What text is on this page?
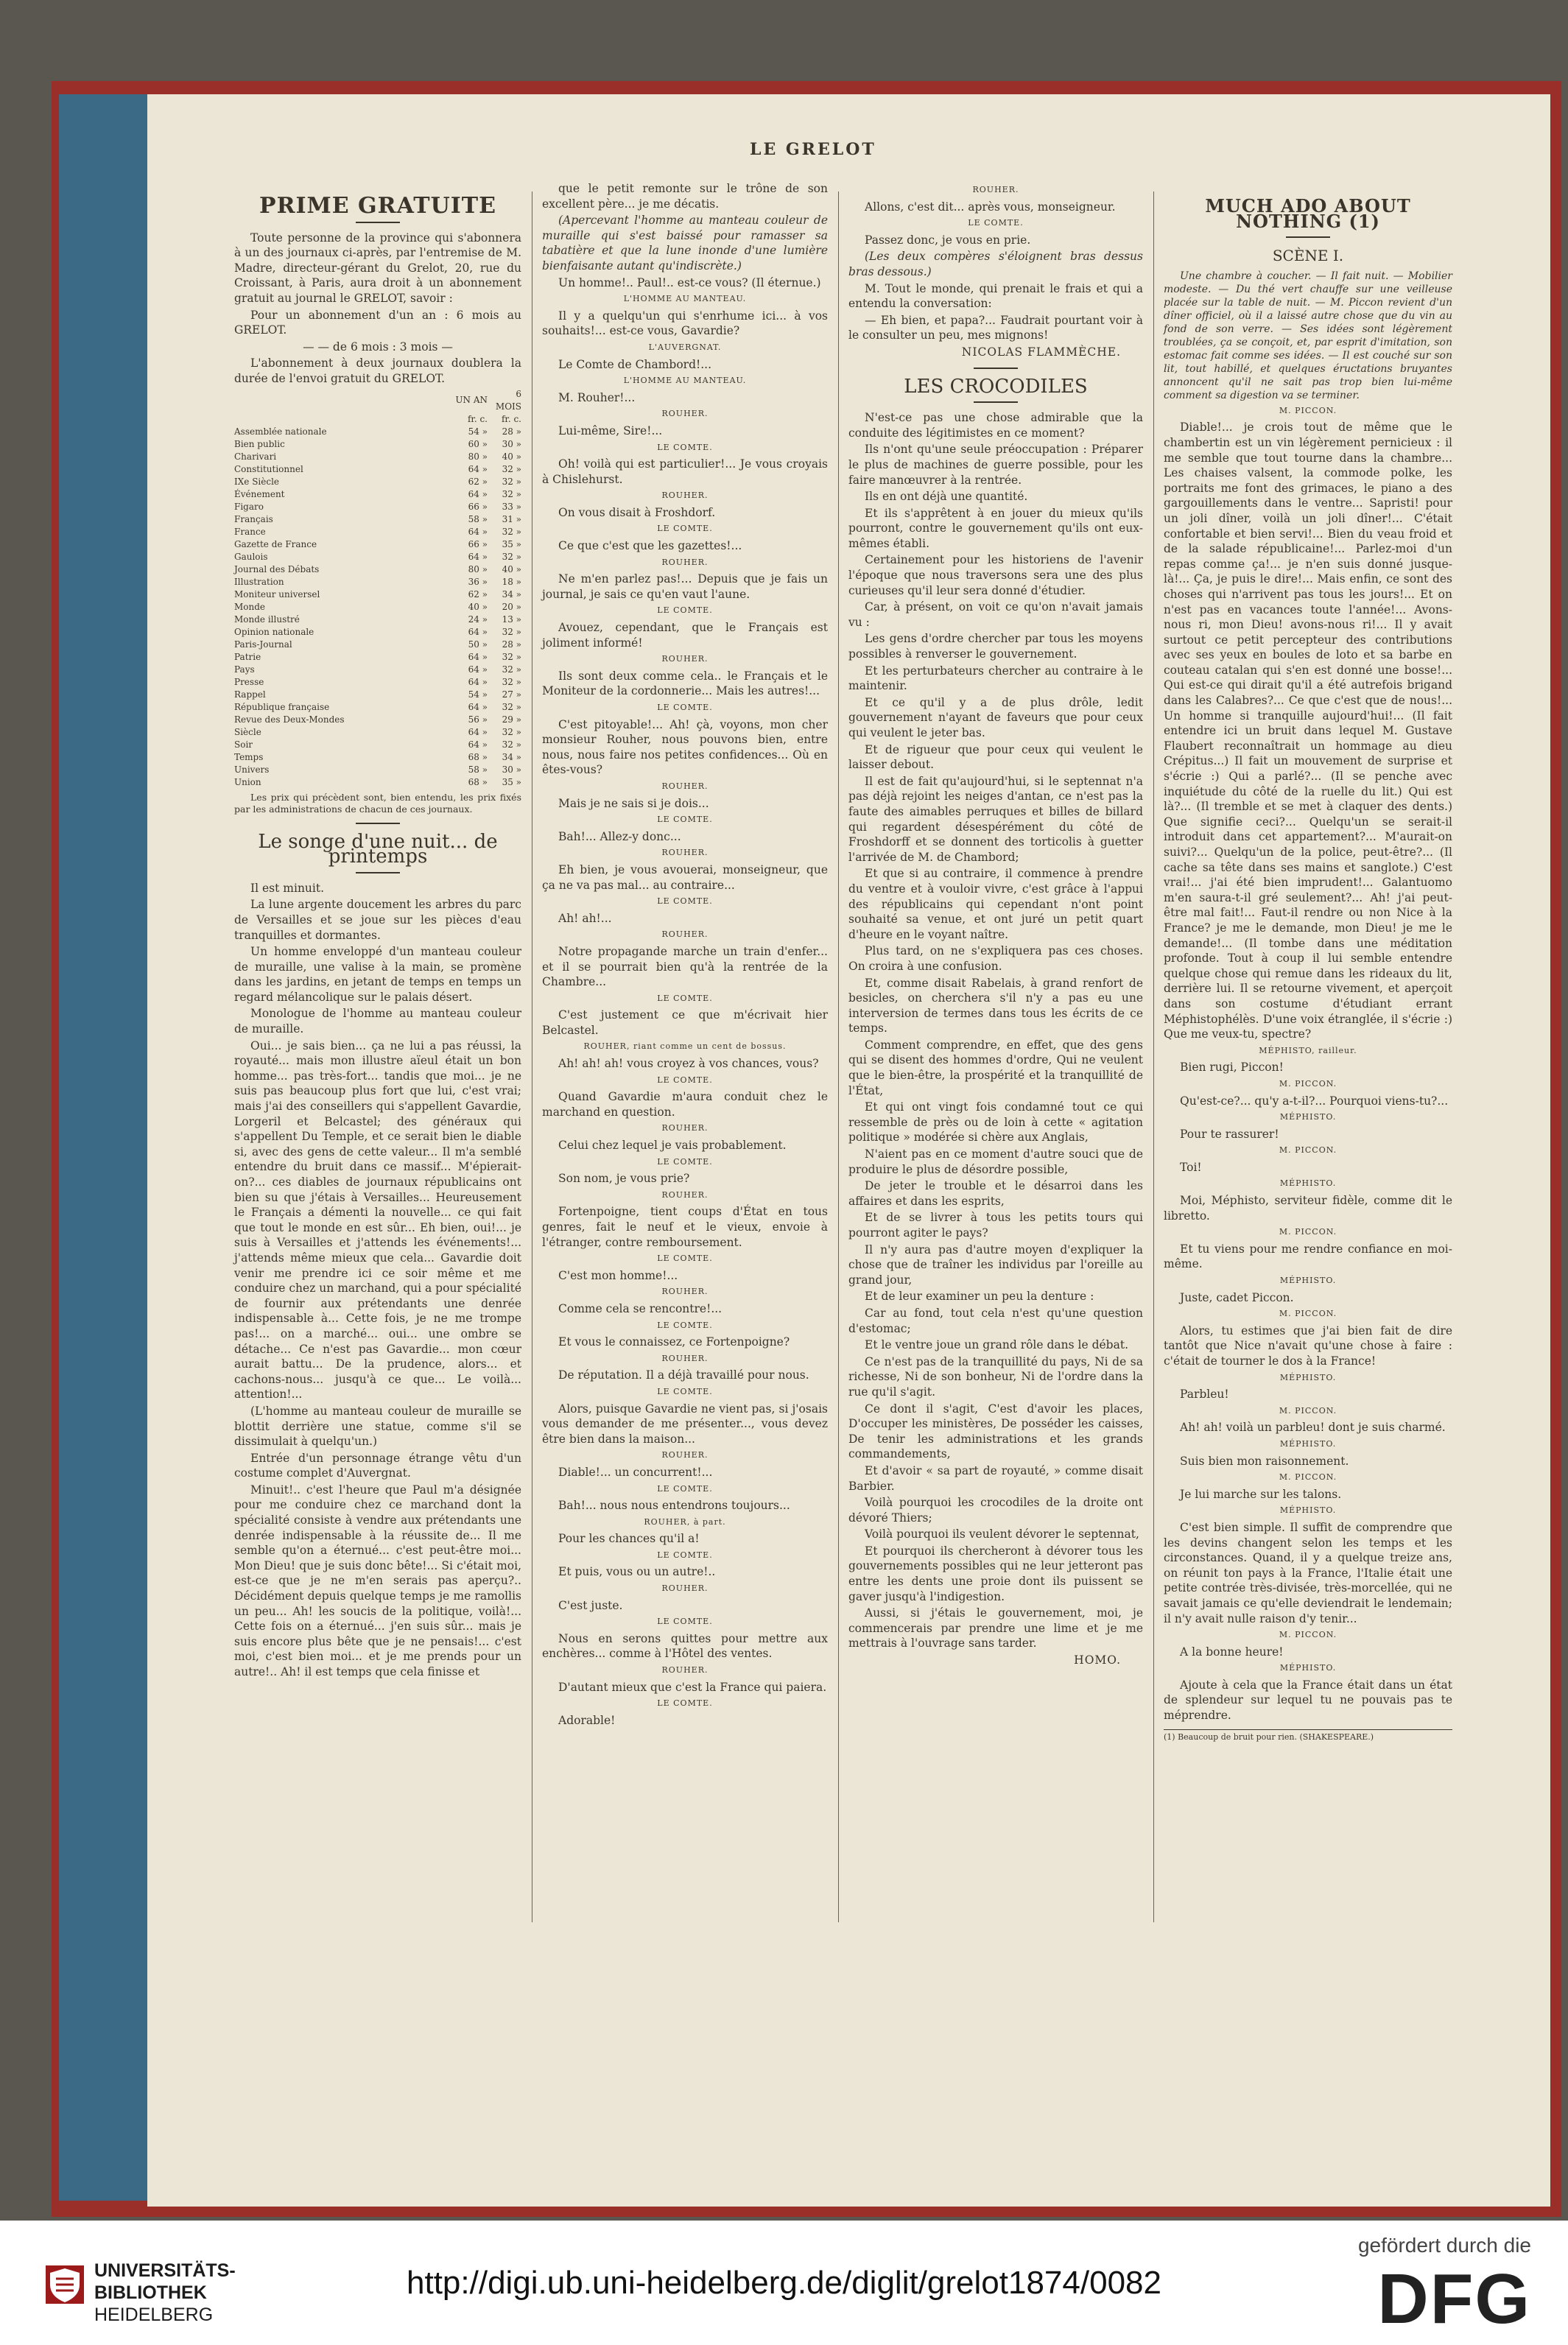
LE GRELOT
PRIME GRATUITE

Toute personne de la province qui s'abonnera à un des journaux ci-après, par l'entremise de M. Madre, directeur-gérant du Grelot, 20, rue du Croissant, à Paris, aura droit à un abonnement gratuit au journal le GRELOT, savoir :

Pour un abonnement d'un an : 6 mois au GRELOT.

— — de 6 mois : 3 mois —

L'abonnement à deux journaux doublera la durée de l'envoi gratuit du GRELOT.

	UN AN	6 MOIS
	fr. c.	fr. c.
Assemblée nationale	54 »	28 »
Bien public	60 »	30 »
Charivari	80 »	40 »
Constitutionnel	64 »	32 »
IXe Siècle	62 »	32 »
Événement	64 »	32 »
Figaro	66 »	33 »
Français	58 »	31 »
France	64 »	32 »
Gazette de France	66 »	35 »
Gaulois	64 »	32 »
Journal des Débats	80 »	40 »
Illustration	36 »	18 »
Moniteur universel	62 »	34 »
Monde	40 »	20 »
Monde illustré	24 »	13 »
Opinion nationale	64 »	32 »
Paris-Journal	50 »	28 »
Patrie	64 »	32 »
Pays	64 »	32 »
Presse	64 »	32 »
Rappel	54 »	27 »
République française	64 »	32 »
Revue des Deux-Mondes	56 »	29 »
Siècle	64 »	32 »
Soir	64 »	32 »
Temps	68 »	34 »
Univers	58 »	30 »
Union	68 »	35 »

Les prix qui précèdent sont, bien entendu, les prix fixés par les administrations de chacun de ces journaux.

Le songe d'une nuit... de printemps

Il est minuit.

La lune argente doucement les arbres du parc de Versailles et se joue sur les pièces d'eau tranquilles et dormantes.

Un homme enveloppé d'un manteau couleur de muraille, une valise à la main, se promène dans les jardins, en jetant de temps en temps un regard mélancolique sur le palais désert.

Monologue de l'homme au manteau couleur de muraille.

Oui... je sais bien... ça ne lui a pas réussi, la royauté... mais mon illustre aïeul était un bon homme... pas très-fort... tandis que moi... je ne suis pas beaucoup plus fort que lui, c'est vrai; mais j'ai des conseillers qui s'appellent Gavardie, Lorgeril et Belcastel; des généraux qui s'appellent Du Temple, et ce serait bien le diable si, avec des gens de cette valeur... Il m'a semblé entendre du bruit dans ce massif... M'épierait-on?... ces diables de journaux républicains ont bien su que j'étais à Versailles... Heureusement le Français a démenti la nouvelle... ce qui fait que tout le monde en est sûr... Eh bien, oui!... je suis à Versailles et j'attends les événements!... j'attends même mieux que cela... Gavardie doit venir me prendre ici ce soir même et me conduire chez un marchand, qui a pour spécialité de fournir aux prétendants une denrée indispensable à... Cette fois, je ne me trompe pas!... on a marché... oui... une ombre se détache... Ce n'est pas Gavardie... mon cœur aurait battu... De la prudence, alors... et cachons-nous... jusqu'à ce que... Le voilà... attention!...

(L'homme au manteau couleur de muraille se blottit derrière une statue, comme s'il se dissimulait à quelqu'un.)

Entrée d'un personnage étrange vêtu d'un costume complet d'Auvergnat.

Minuit!.. c'est l'heure que Paul m'a désignée pour me conduire chez ce marchand dont la spécialité consiste à vendre aux prétendants une denrée indispensable à la réussite de... Il me semble qu'on a éternué... c'est peut-être moi... Mon Dieu! que je suis donc bête!... Si c'était moi, est-ce que je ne m'en serais pas aperçu?.. Décidément depuis quelque temps je me ramollis un peu... Ah! les soucis de la politique, voilà!... Cette fois on a éternué... j'en suis sûr... mais je suis encore plus bête que je ne pensais!... c'est moi, c'est bien moi... et je me prends pour un autre!.. Ah! il est temps que cela finisse et

que le petit remonte sur le trône de son excellent père... je me décatis.

(Apercevant l'homme au manteau couleur de muraille qui s'est baissé pour ramasser sa tabatière et que la lune inonde d'une lumière bienfaisante autant qu'indiscrète.)

Un homme!.. Paul!.. est-ce vous? (Il éternue.)

L'HOMME AU MANTEAU.

Il y a quelqu'un qui s'enrhume ici... à vos souhaits!... est-ce vous, Gavardie?

L'AUVERGNAT.

Le Comte de Chambord!...

L'HOMME AU MANTEAU.

M. Rouher!...

ROUHER.

Lui-même, Sire!...

LE COMTE.

Oh! voilà qui est particulier!... Je vous croyais à Chislehurst.

ROUHER.

On vous disait à Froshdorf.

LE COMTE.

Ce que c'est que les gazettes!...

ROUHER.

Ne m'en parlez pas!... Depuis que je fais un journal, je sais ce qu'en vaut l'aune.

LE COMTE.

Avouez, cependant, que le Français est joliment informé!

ROUHER.

Ils sont deux comme cela.. le Français et le Moniteur de la cordonnerie... Mais les autres!...

LE COMTE.

C'est pitoyable!... Ah! çà, voyons, mon cher monsieur Rouher, nous pouvons bien, entre nous, nous faire nos petites confidences... Où en êtes-vous?

ROUHER.

Mais je ne sais si je dois...

LE COMTE.

Bah!... Allez-y donc...

ROUHER.

Eh bien, je vous avouerai, monseigneur, que ça ne va pas mal... au contraire...

LE COMTE.

Ah! ah!...

ROUHER.

Notre propagande marche un train d'enfer... et il se pourrait bien qu'à la rentrée de la Chambre...

LE COMTE.

C'est justement ce que m'écrivait hier Belcastel.

ROUHER, riant comme un cent de bossus.

Ah! ah! ah! vous croyez à vos chances, vous?

LE COMTE.

Quand Gavardie m'aura conduit chez le marchand en question.

ROUHER.

Celui chez lequel je vais probablement.

LE COMTE.

Son nom, je vous prie?

ROUHER.

Fortenpoigne, tient coups d'État en tous genres, fait le neuf et le vieux, envoie à l'étranger, contre remboursement.

LE COMTE.

C'est mon homme!...

ROUHER.

Comme cela se rencontre!...

LE COMTE.

Et vous le connaissez, ce Fortenpoigne?

ROUHER.

De réputation. Il a déjà travaillé pour nous.

LE COMTE.

Alors, puisque Gavardie ne vient pas, si j'osais vous demander de me présenter..., vous devez être bien dans la maison...

ROUHER.

Diable!... un concurrent!...

LE COMTE.

Bah!... nous nous entendrons toujours...

ROUHER, à part.

Pour les chances qu'il a!

LE COMTE.

Et puis, vous ou un autre!..

ROUHER.

C'est juste.

LE COMTE.

Nous en serons quittes pour mettre aux enchères... comme à l'Hôtel des ventes.

ROUHER.

D'autant mieux que c'est la France qui paiera.

LE COMTE.

Adorable!

ROUHER.

Allons, c'est dit... après vous, monseigneur.

LE COMTE.

Passez donc, je vous en prie.

(Les deux compères s'éloignent bras dessus bras dessous.)

M. Tout le monde, qui prenait le frais et qui a entendu la conversation:

— Eh bien, et papa?... Faudrait pourtant voir à le consulter un peu, mes mignons!

NICOLAS FLAMMÈCHE.
LES CROCODILES

N'est-ce pas une chose admirable que la conduite des légitimistes en ce moment?

Ils n'ont qu'une seule préoccupation : Préparer le plus de machines de guerre possible, pour les faire manœuvrer à la rentrée.

Ils en ont déjà une quantité.

Et ils s'apprêtent à en jouer du mieux qu'ils pourront, contre le gouvernement qu'ils ont eux-mêmes établi.

Certainement pour les historiens de l'avenir l'époque que nous traversons sera une des plus curieuses qu'il leur sera donné d'étudier.

Car, à présent, on voit ce qu'on n'avait jamais vu :

Les gens d'ordre chercher par tous les moyens possibles à renverser le gouvernement.

Et les perturbateurs chercher au contraire à le maintenir.

Et ce qu'il y a de plus drôle, ledit gouvernement n'ayant de faveurs que pour ceux qui veulent le jeter bas.

Et de rigueur que pour ceux qui veulent le laisser debout.

Il est de fait qu'aujourd'hui, si le septennat n'a pas déjà rejoint les neiges d'antan, ce n'est pas la faute des aimables perruques et billes de billard qui regardent désespérément du côté de Froshdorff et se donnent des torticolis à guetter l'arrivée de M. de Chambord;

Et que si au contraire, il commence à prendre du ventre et à vouloir vivre, c'est grâce à l'appui des républicains qui cependant n'ont point souhaité sa venue, et ont juré un petit quart d'heure en le voyant naître.

Plus tard, on ne s'expliquera pas ces choses. On croira à une confusion.

Et, comme disait Rabelais, à grand renfort de besicles, on cherchera s'il n'y a pas eu une interversion de termes dans tous les écrits de ce temps.

Comment comprendre, en effet, que des gens qui se disent des hommes d'ordre, Qui ne veulent que le bien-être, la prospérité et la tranquillité de l'État,

Et qui ont vingt fois condamné tout ce qui ressemble de près ou de loin à cette « agitation politique » modérée si chère aux Anglais,

N'aient pas en ce moment d'autre souci que de produire le plus de désordre possible,

De jeter le trouble et le désarroi dans les affaires et dans les esprits,

Et de se livrer à tous les petits tours qui pourront agiter le pays?

Il n'y aura pas d'autre moyen d'expliquer la chose que de traîner les individus par l'oreille au grand jour,

Et de leur examiner un peu la denture :

Car au fond, tout cela n'est qu'une question d'estomac;

Et le ventre joue un grand rôle dans le débat.

Ce n'est pas de la tranquillité du pays, Ni de sa richesse, Ni de son bonheur, Ni de l'ordre dans la rue qu'il s'agit.

Ce dont il s'agit, C'est d'avoir les places, D'occuper les ministères, De posséder les caisses, De tenir les administrations et les grands commandements,

Et d'avoir « sa part de royauté, » comme disait Barbier.

Voilà pourquoi les crocodiles de la droite ont dévoré Thiers;

Voilà pourquoi ils veulent dévorer le septennat,

Et pourquoi ils chercheront à dévorer tous les gouvernements possibles qui ne leur jetteront pas entre les dents une proie dont ils puissent se gaver jusqu'à l'indigestion.

Aussi, si j'étais le gouvernement, moi, je commencerais par prendre une lime et je me mettrais à l'ouvrage sans tarder.

HOMO.
MUCH ADO ABOUT NOTHING (1)
SCÈNE I.

Une chambre à coucher. — Il fait nuit. — Mobilier modeste. — Du thé vert chauffe sur une veilleuse placée sur la table de nuit. — M. Piccon revient d'un dîner officiel, où il a laissé autre chose que du vin au fond de son verre. — Ses idées sont légèrement troublées, ça se conçoit, et, par esprit d'imitation, son estomac fait comme ses idées. — Il est couché sur son lit, tout habillé, et quelques éructations bruyantes annoncent qu'il ne sait pas trop bien lui-même comment sa digestion va se terminer.

M. PICCON.

Diable!... je crois tout de même que le chambertin est un vin légèrement pernicieux : il me semble que tout tourne dans la chambre... Les chaises valsent, la commode polke, les portraits me font des grimaces, le piano a des gargouillements dans le ventre... Sapristi! pour un joli dîner, voilà un joli dîner!... C'était confortable et bien servi!... Bien du veau froid et de la salade républicaine!... Parlez-moi d'un repas comme ça!... je n'en suis donné jusque-là!... Ça, je puis le dire!... Mais enfin, ce sont des choses qui n'arrivent pas tous les jours!... Et on n'est pas en vacances toute l'année!... Avons-nous ri, mon Dieu! avons-nous ri!... Il y avait surtout ce petit percepteur des contributions avec ses yeux en boules de loto et sa barbe en couteau catalan qui s'en est donné une bosse!... Qui est-ce qui dirait qu'il a été autrefois brigand dans les Calabres?... Ce que c'est que de nous!... Un homme si tranquille aujourd'hui!... (Il fait entendre ici un bruit dans lequel M. Gustave Flaubert reconnaîtrait un hommage au dieu Crépitus...) Il fait un mouvement de surprise et s'écrie :) Qui a parlé?... (Il se penche avec inquiétude du côté de la ruelle du lit.) Qui est là?... (Il tremble et se met à claquer des dents.) Que signifie ceci?... Quelqu'un se serait-il introduit dans cet appartement?... M'aurait-on suivi?... Quelqu'un de la police, peut-être?... (Il cache sa tête dans ses mains et sanglote.) C'est vrai!... j'ai été bien imprudent!... Galantuomo m'en saura-t-il gré seulement?... Ah! j'ai peut-être mal fait!... Faut-il rendre ou non Nice à la France? je me le demande, mon Dieu! je me le demande!... (Il tombe dans une méditation profonde. Tout à coup il lui semble entendre quelque chose qui remue dans les rideaux du lit, derrière lui. Il se retourne vivement, et aperçoit dans son costume d'étudiant errant Méphistophélès. D'une voix étranglée, il s'écrie :) Que me veux-tu, spectre?

MÉPHISTO, railleur.

Bien rugi, Piccon!

M. PICCON.

Qu'est-ce?... qu'y a-t-il?... Pourquoi viens-tu?...

MÉPHISTO.

Pour te rassurer!

M. PICCON.

Toi!

MÉPHISTO.

Moi, Méphisto, serviteur fidèle, comme dit le libretto.

M. PICCON.

Et tu viens pour me rendre confiance en moi-même.

MÉPHISTO.

Juste, cadet Piccon.

M. PICCON.

Alors, tu estimes que j'ai bien fait de dire tantôt que Nice n'avait qu'une chose à faire : c'était de tourner le dos à la France!

MÉPHISTO.

Parbleu!

M. PICCON.

Ah! ah! voilà un parbleu! dont je suis charmé.

MÉPHISTO.

Suis bien mon raisonnement.

M. PICCON.

Je lui marche sur les talons.

MÉPHISTO.

C'est bien simple. Il suffit de comprendre que les devins changent selon les temps et les circonstances. Quand, il y a quelque treize ans, on réunit ton pays à la France, l'Italie était une petite contrée très-divisée, très-morcellée, qui ne savait jamais ce qu'elle deviendrait le lendemain; il n'y avait nulle raison d'y tenir...

M. PICCON.

A la bonne heure!

MÉPHISTO.

Ajoute à cela que la France était dans un état de splendeur sur lequel tu ne pouvais pas te méprendre.

(1) Beaucoup de bruit pour rien. (SHAKESPEARE.)
UNIVERSITÄTS-
BIBLIOTHEK
HEIDELBERG
http://digi.ub.uni-heidelberg.de/diglit/grelot1874/0082
gefördert durch die
DFG
